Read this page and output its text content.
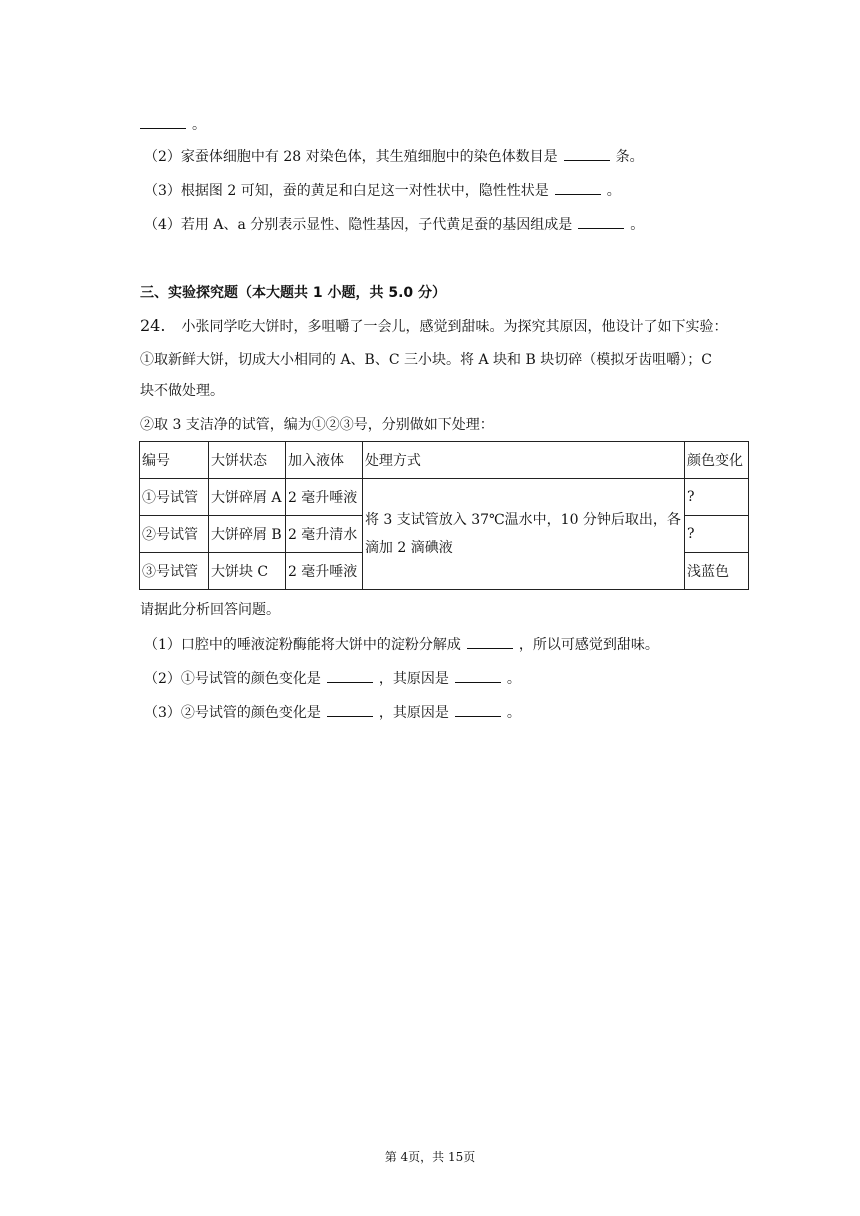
。
（2）家蚕体细胞中有 28 对染色体，其生殖细胞中的染色体数目是	条。
（3）根据图 2 可知，蚕的黄足和白足这一对性状中，隐性性状是	。
（4）若用 A、a 分别表示显性、隐性基因，子代黄足蚕的基因组成是	。
三、实验探究题（本大题共 1 小题，共 5.0 分）
24. 小张同学吃大饼时，多咀嚼了一会儿，感觉到甜味。为探究其原因，他设计了如下实验：
①取新鲜大饼，切成大小相同的 A、B、C 三小块。将 A 块和 B 块切碎（模拟牙齿咀嚼）；C
块不做处理。
②取 3 支洁净的试管，编为①②③号，分别做如下处理：
编号	大饼状态	加入液体	处理方式	颜色变化
①号试管	大饼碎屑 A	2 毫升唾液	将 3 支试管放入 37℃温水中，10 分钟后取出，各滴加 2 滴碘液	?
②号试管	大饼碎屑 B	2 毫升清水		?
③号试管	大饼块 C	2 毫升唾液		浅蓝色
请据此分析回答问题。
（1）口腔中的唾液淀粉酶能将大饼中的淀粉分解成	，所以可感觉到甜味。
（2）①号试管的颜色变化是	，其原因是	。
（3）②号试管的颜色变化是	，其原因是	。
第 4页，共 15页
